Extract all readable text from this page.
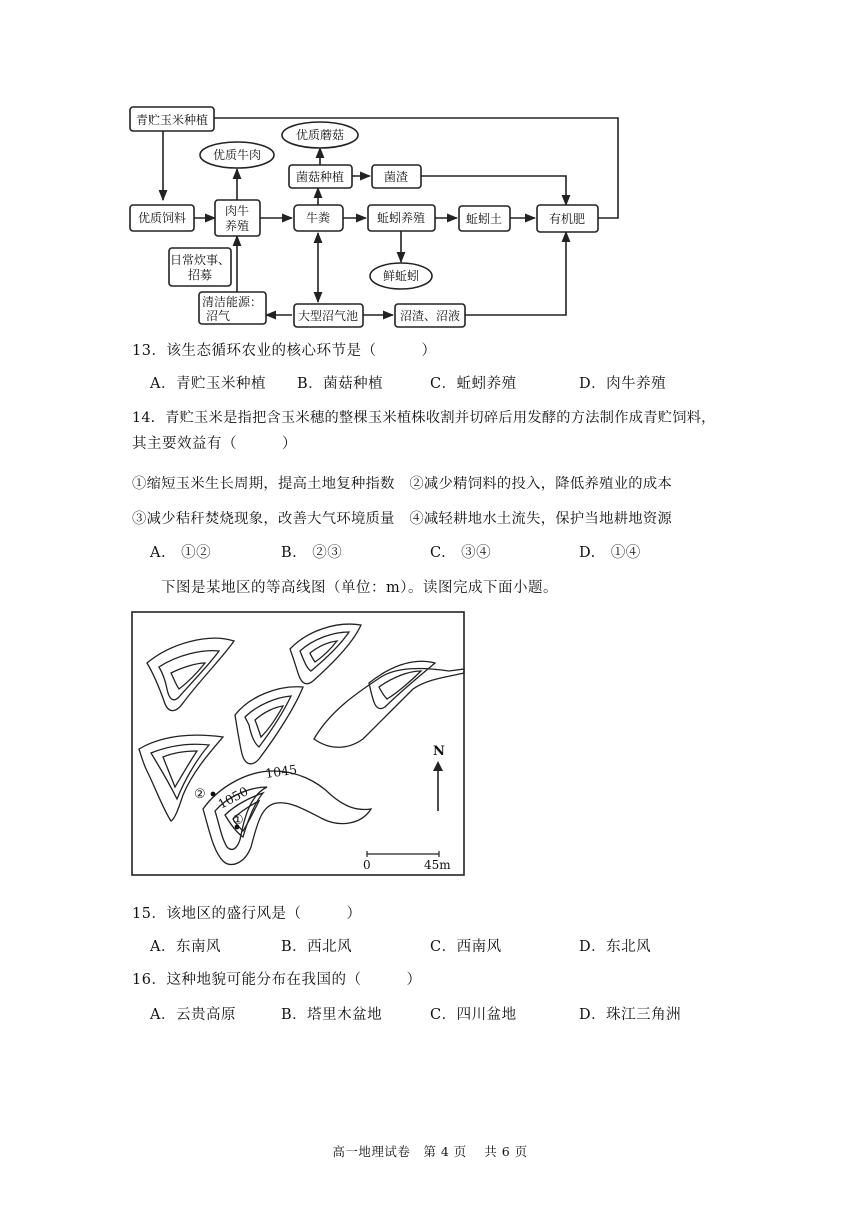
青贮玉米种植
优质蘑菇
优质牛肉
菌菇种植	菌渣
优质饲料	肉牛
养殖
牛粪	蚯蚓养殖	蚯蚓土	有机肥
日常炊事、
招募	鲜蚯蚓
清洁能源：
沼气	大型沼气池	沼渣、沼液
13．该生态循环农业的核心环节是（　　　）
A．青贮玉米种植 B．菌菇种植	C．蚯蚓养殖	D．肉牛养殖
14．青贮玉米是指把含玉米穗的整棵玉米植株收割并切碎后用发酵的方法制作成青贮饲料，
其主要效益有（　　　）
①缩短玉米生长周期，提高土地复种指数　②减少精饲料的投入，降低养殖业的成本
③减少秸秆焚烧现象，改善大气环境质量　④减轻耕地水土流失，保护当地耕地资源
A.　①②	B.　②③	C.　③④	D.　①④
下图是某地区的等高线图（单位：m）。读图完成下面小题。
1045
1050
①
②
N
0	45m
15．该地区的盛行风是（　　　）
A．东南风	B．西北风	C．西南风	D．东北风
16．这种地貌可能分布在我国的（　　　）
A．云贵高原	B．塔里木盆地	C．四川盆地	D．珠江三角洲
高一地理试卷　第 4 页　 共 6 页
